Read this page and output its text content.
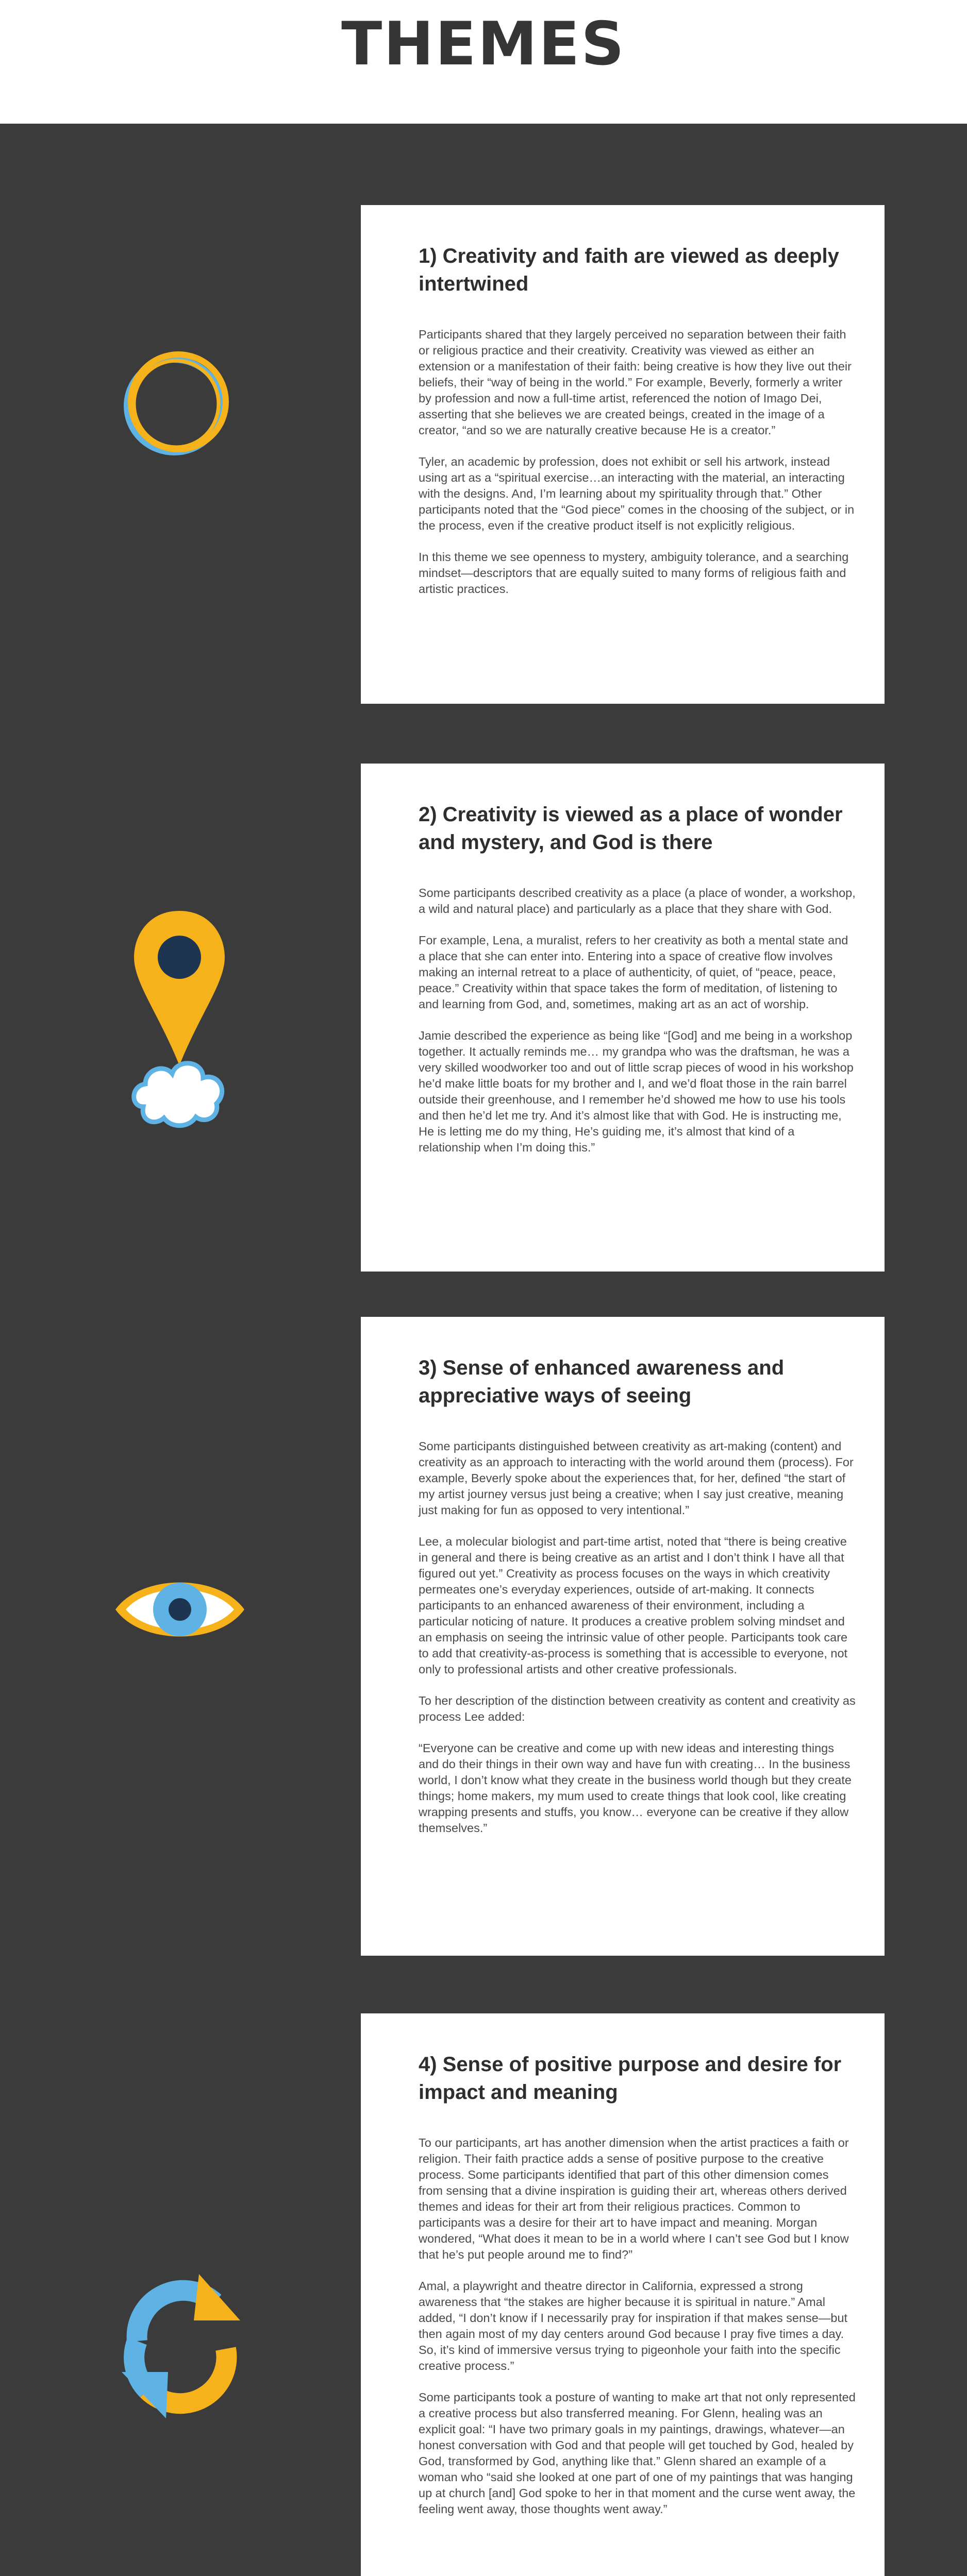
THEMES
1) Creativity and faith are viewed as deeply intertwined

Participants shared that they largely perceived no separation between their faith or religious practice and their creativity. Creativity was viewed as either an extension or a manifestation of their faith: being creative is how they live out their beliefs, their “way of being in the world.” For example, Beverly, formerly a writer by profession and now a full-time artist, referenced the notion of Imago Dei, asserting that she believes we are created beings, created in the image of a creator, “and so we are naturally creative because He is a creator.”

Tyler, an academic by profession, does not exhibit or sell his artwork, instead using art as a “spiritual exercise…an interacting with the material, an interacting with the designs. And, I’m learning about my spirituality through that.” Other participants noted that the “God piece” comes in the choosing of the subject, or in the process, even if the creative product itself is not explicitly religious.

In this theme we see openness to mystery, ambiguity tolerance, and a searching mindset—descriptors that are equally suited to many forms of religious faith and artistic practices.

2) Creativity is viewed as a place of wonder and mystery, and God is there

Some participants described creativity as a place (a place of wonder, a workshop, a wild and natural place) and particularly as a place that they share with God.

For example, Lena, a muralist, refers to her creativity as both a mental state and a place that she can enter into. Entering into a space of creative flow involves making an internal retreat to a place of authenticity, of quiet, of “peace, peace, peace.” Creativity within that space takes the form of meditation, of listening to and learning from God, and, sometimes, making art as an act of worship.

Jamie described the experience as being like “[God] and me being in a workshop together. It actually reminds me… my grandpa who was the draftsman, he was a very skilled woodworker too and out of little scrap pieces of wood in his workshop he’d make little boats for my brother and I, and we’d float those in the rain barrel outside their greenhouse, and I remember he’d showed me how to use his tools and then he’d let me try. And it’s almost like that with God. He is instructing me, He is letting me do my thing, He’s guiding me, it’s almost that kind of a relationship when I’m doing this.”

3) Sense of enhanced awareness and appreciative ways of seeing

Some participants distinguished between creativity as art-making (content) and creativity as an approach to interacting with the world around them (process). For example, Beverly spoke about the experiences that, for her, defined “the start of my artist journey versus just being a creative; when I say just creative, meaning just making for fun as opposed to very intentional.”

Lee, a molecular biologist and part-time artist, noted that “there is being creative in general and there is being creative as an artist and I don’t think I have all that figured out yet.” Creativity as process focuses on the ways in which creativity permeates one’s everyday experiences, outside of art-making. It connects participants to an enhanced awareness of their environment, including a particular noticing of nature. It produces a creative problem solving mindset and an emphasis on seeing the intrinsic value of other people. Participants took care to add that creativity-as-process is something that is accessible to everyone, not only to professional artists and other creative professionals.

To her description of the distinction between creativity as content and creativity as process Lee added:

“Everyone can be creative and come up with new ideas and interesting things and do their things in their own way and have fun with creating… In the business world, I don’t know what they create in the business world though but they create things; home makers, my mum used to create things that look cool, like creating wrapping presents and stuffs, you know… everyone can be creative if they allow themselves.”

4) Sense of positive purpose and desire for impact and meaning

To our participants, art has another dimension when the artist practices a faith or religion. Their faith practice adds a sense of positive purpose to the creative process. Some participants identified that part of this other dimension comes from sensing that a divine inspiration is guiding their art, whereas others derived themes and ideas for their art from their religious practices. Common to participants was a desire for their art to have impact and meaning. Morgan wondered, “What does it mean to be in a world where I can’t see God but I know that he’s put people around me to find?”

Amal, a playwright and theatre director in California, expressed a strong awareness that “the stakes are higher because it is spiritual in nature.” Amal added, “I don’t know if I necessarily pray for inspiration if that makes sense—but then again most of my day centers around God because I pray five times a day. So, it’s kind of immersive versus trying to pigeonhole your faith into the specific creative process.”

Some participants took a posture of wanting to make art that not only represented a creative process but also transferred meaning. For Glenn, healing was an explicit goal: “I have two primary goals in my paintings, drawings, whatever—an honest conversation with God and that people will get touched by God, healed by God, transformed by God, anything like that.” Glenn shared an example of a woman who “said she looked at one part of one of my paintings that was hanging up at church [and] God spoke to her in that moment and the curse went away, the feeling went away, those thoughts went away.”
